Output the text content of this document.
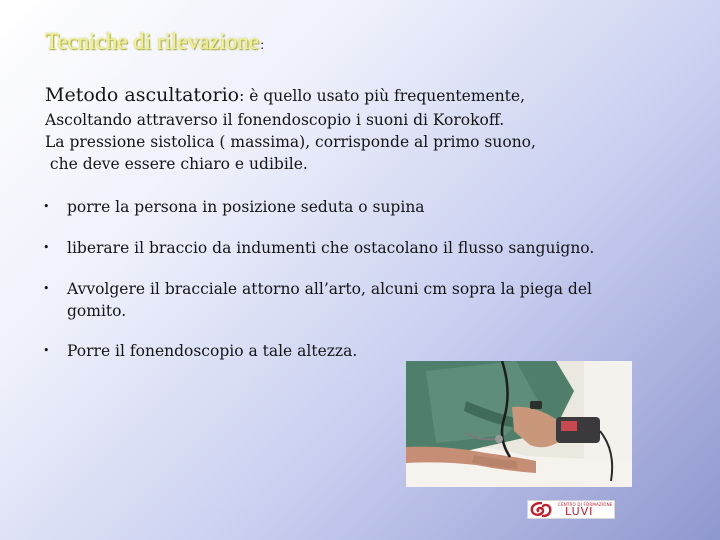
Tecniche di rilevazione:

Metodo ascultatorio: è quello usato più frequentemente,

Ascoltando attraverso il fonendoscopio i suoni di Korokoff.
La pressione sistolica ( massima), corrisponde al primo suono,
che deve essere chiaro e udibile.

• porre la persona in posizione seduta o supina
• liberare il braccio da indumenti che ostacolano il flusso sanguigno.
• Avvolgere il bracciale attorno all’arto, alcuni cm sopra la piega del gomito.
• Porre il fonendoscopio a tale altezza.
CENTRO DI FORMAZIONE
LUVI
